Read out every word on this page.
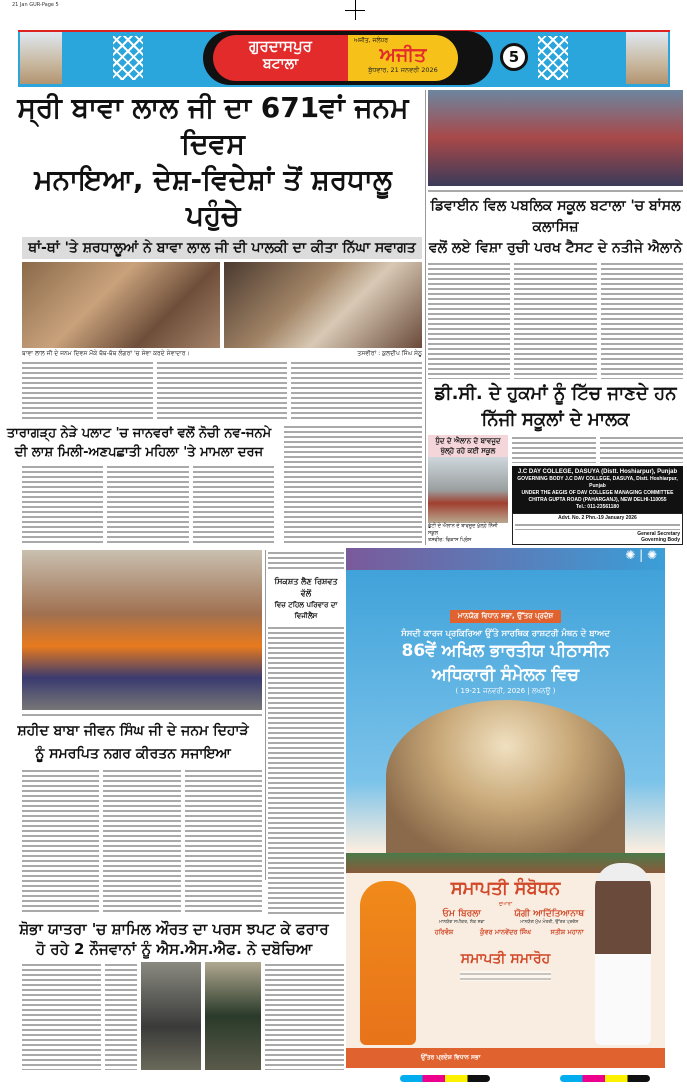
21 Jan GUR-Page 5
ਗੁਰਦਾਸਪੁਰ
ਬਟਾਲਾ
ਅਜੀਤ, ਜਲੰਧਰ
ਅਜੀਤ
ਬੁੱਧਵਾਰ, 21 ਜਨਵਰੀ 2026
5
ਸ੍ਰੀ ਬਾਵਾ ਲਾਲ ਜੀ ਦਾ 671ਵਾਂ ਜਨਮ ਦਿਵਸ
ਮਨਾਇਆ, ਦੇਸ਼-ਵਿਦੇਸ਼ਾਂ ਤੋਂ ਸ਼ਰਧਾਲੂ ਪਹੁੰਚੇ
ਥਾਂ-ਥਾਂ 'ਤੇ ਸ਼ਰਧਾਲੂਆਂ ਨੇ ਬਾਵਾ ਲਾਲ ਜੀ ਦੀ ਪਾਲਕੀ ਦਾ ਕੀਤਾ ਨਿੱਘਾ ਸਵਾਗਤ
ਬਾਵਾ ਲਾਲ ਜੀ ਦੇ ਜਨਮ ਦਿਵਸ ਮੌਕੇ ਥੱਥ-ਥੱਥ ਲੰਗਰਾਂ 'ਚ ਸੇਵਾ ਕਰਦੇ ਸੇਵਾਦਾਰ।	ਤਸਵੀਰਾਂ : ਕੁਲਦੀਪ ਸਿੰਘ ਸੇਠੂ
ਤਾਰਾਗੜ੍ਹ ਨੇੜੇ ਪਲਾਟ 'ਚ ਜਾਨਵਰਾਂ ਵਲੋਂ ਨੋਚੀ ਨਵ-ਜਨਮੇ
ਦੀ ਲਾਸ਼ ਮਿਲੀ-ਅਣਪਛਾਤੀ ਮਹਿਲਾ 'ਤੇ ਮਾਮਲਾ ਦਰਜ
ਡਿਵਾਈਨ ਵਿਲ ਪਬਲਿਕ ਸਕੂਲ ਬਟਾਲਾ 'ਚ ਬਾਂਸਲ ਕਲਾਸਿਜ਼
ਵਲੋਂ ਲਏ ਵਿਸ਼ਾ ਰੁਚੀ ਪਰਖ ਟੈਸਟ ਦੇ ਨਤੀਜੇ ਐਲਾਨੇ
ਡੀ.ਸੀ. ਦੇ ਹੁਕਮਾਂ ਨੂੰ ਟਿੱਚ ਜਾਣਦੇ ਹਨ ਨਿੱਜੀ ਸਕੂਲਾਂ ਦੇ ਮਾਲਕ
ਧੁੰਦ ਦੇ ਐਲਾਨ ਦੇ ਬਾਵਜੂਦ ਖੁੱਲ੍ਹੇ ਰਹੇ ਕਈ ਸਕੂਲ
ਛੁੱਟੀ ਦੇ ਐਲਾਨ ਦੇ ਬਾਵਜੂਦ ਖੁੱਲ੍ਹੇ ਨਿੱਜੀ ਸਕੂਲ
ਤਸਵੀਰ: ਵਿਕਾਸ ਪ੍ਰਿੰਸ
J.C DAY COLLEGE, DASUYA (Distt. Hoshiarpur), Punjab
GOVERNING BODY J.C DAV COLLEGE, DASUYA, Distt. Hoshiarpur, Punjab
UNDER THE AEGIS OF DAV COLLEGE MANAGING COMMITTEE
CHITRA GUPTA ROAD (PAHARGANJ), NEW DELHI-110055
Tel.: 011-23561180
Advt. No. 2 Phn.-19 January 2026
General Secretary
Governing Body
ਸ਼ਹੀਦ ਬਾਬਾ ਜੀਵਨ ਸਿੰਘ ਜੀ ਦੇ ਜਨਮ ਦਿਹਾੜੇ
ਨੂੰ ਸਮਰਪਿਤ ਨਗਰ ਕੀਰਤਨ ਸਜਾਇਆ
ਸਿਕਸ਼ਤ ਲੈਣ ਰਿਸ਼ਵਤ ਵੱਲੋਂ
ਵਿਜ਼ ਟਹਿਲ ਪਰਿਵਾਰ ਦਾ ਵਿਜੀਲੈਂਸ
ਸ਼ੋਭਾ ਯਾਤਰਾ 'ਚ ਸ਼ਾਮਿਲ ਔਰਤ ਦਾ ਪਰਸ ਝਪਟ ਕੇ ਫਰਾਰ
ਹੋ ਰਹੇ 2 ਨੌਜਵਾਨਾਂ ਨੂੰ ਐਸ.ਐਸ.ਐਫ. ਨੇ ਦਬੋਚਿਆ
✺ | ✺
ਮਾਨਯੋਗ ਵਿਧਾਨ ਸਭਾ, ਉੱਤਰ ਪ੍ਰਦੇਸ਼
ਸੰਸਦੀ ਕਾਰਜ ਪ੍ਰਕਿਰਿਆ ਉੱਤੇ ਸਾਰਥਿਕ ਰਾਸ਼ਟਰੀ ਮੰਥਨ ਦੇ ਬਾਅਦ
86ਵੇਂ ਅਖਿਲ ਭਾਰਤੀਯ ਪੀਠਾਸੀਨ
ਅਧਿਕਾਰੀ ਸੰਮੇਲਨ ਵਿਚ
( 19-21 ਜਨਵਰੀ, 2026 | ਲਖਨਊ )
ਸਮਾਪਤੀ ਸੰਬੋਧਨ
ਦੁਆਰਾ
ਓਮ ਬਿਰਲਾ
ਮਾਨਯੋਗ ਸਪੀਕਰ, ਲੋਕ ਸਭਾ
ਯੋਗੀ ਆਦਿੱਤਿਆਨਾਥ
ਮਾਨਯੋਗ ਮੁੱਖ ਮੰਤਰੀ, ਉੱਤਰ ਪ੍ਰਦੇਸ਼
ਹਰਿਵੰਸ਼	ਕੁੰਵਰ ਮਾਨਵੇਂਦਰ ਸਿੰਘ	ਸਤੀਸ਼ ਮਹਾਨਾ
ਸਮਾਪਤੀ ਸਮਾਰੋਹ
ਉੱਤਰ ਪ੍ਰਦੇਸ਼ ਵਿਧਾਨ ਸਭਾ
